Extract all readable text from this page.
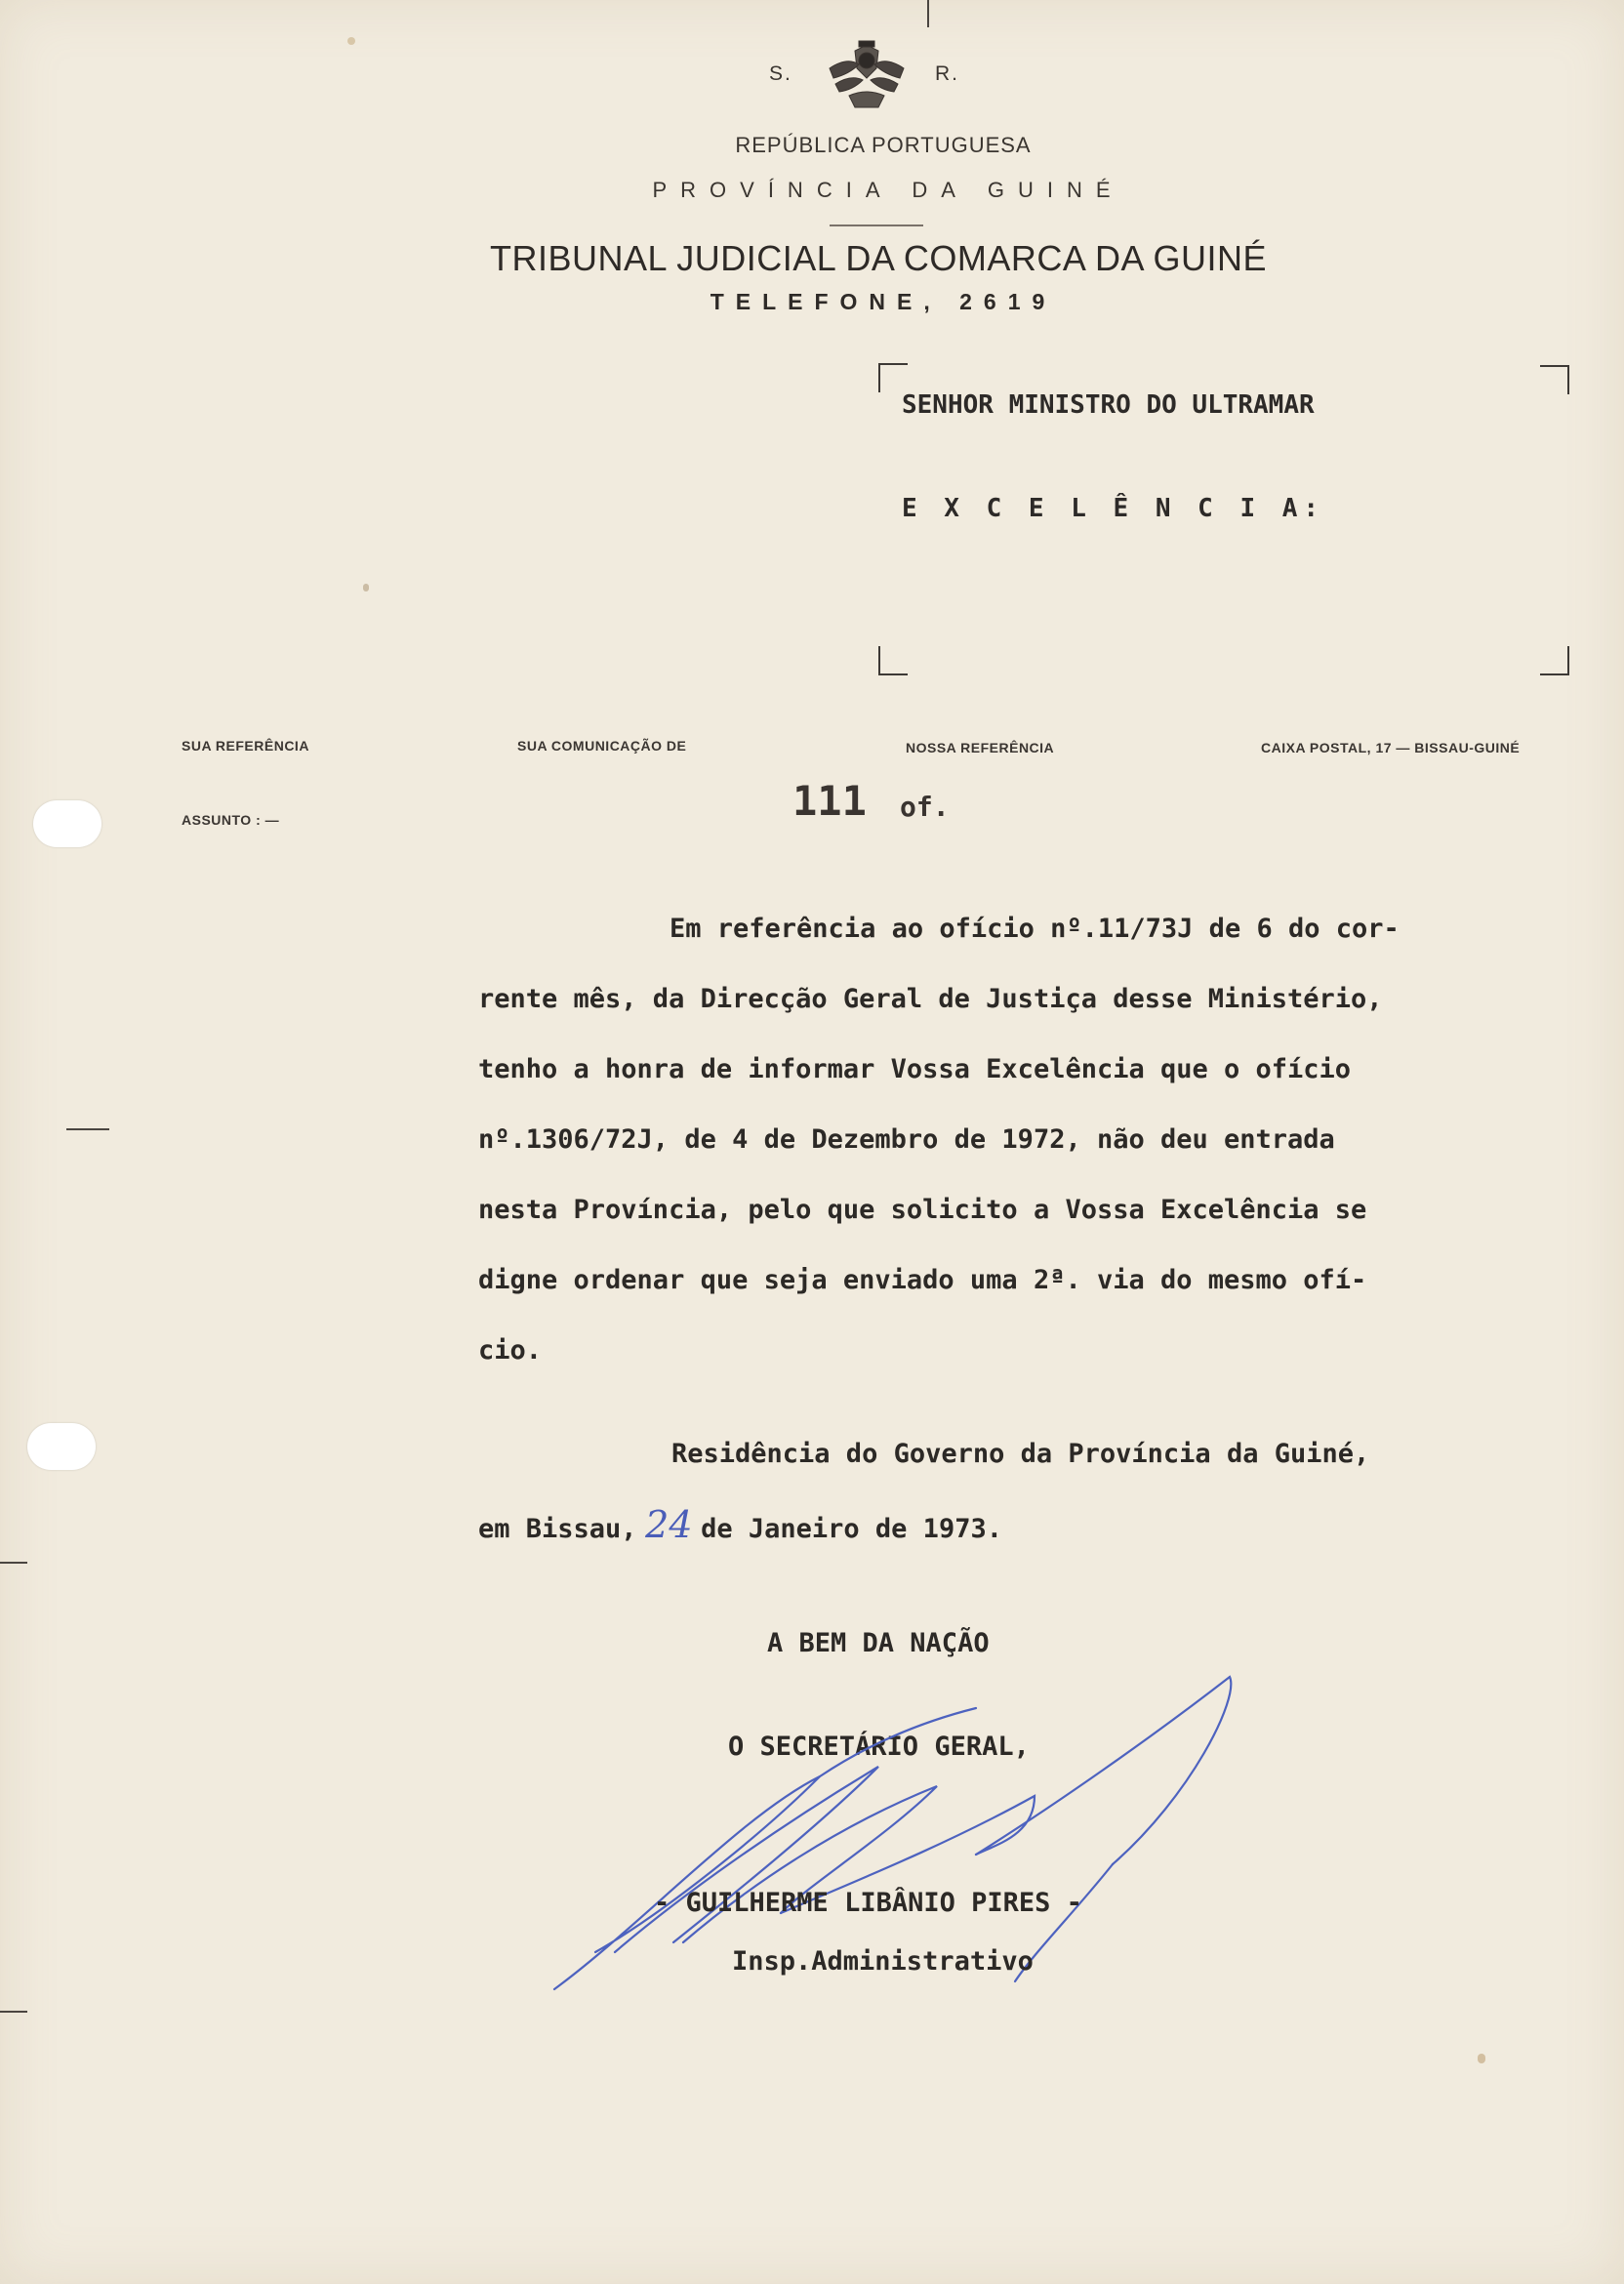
S.	R.
REPÚBLICA PORTUGUESA
PROVÍNCIA DA GUINÉ
TRIBUNAL JUDICIAL DA COMARCA DA GUINÉ
TELEFONE, 2619
SENHOR MINISTRO DO ULTRAMAR
E X C E L Ê N C I A:
SUA REFERÊNCIA	SUA COMUNICAÇÃO DE	NOSSA REFERÊNCIA	CAIXA POSTAL, 17 — BISSAU-GUINÉ
ASSUNTO : —	111 of.
Em referência ao ofício nº.11/73J de 6 do cor-
rente mês, da Direcção Geral de Justiça desse Ministério,
tenho a honra de informar Vossa Excelência que o ofício
nº.1306/72J, de 4 de Dezembro de 1972, não deu entrada
nesta Província, pelo que solicito a Vossa Excelência se
digne ordenar que seja enviado uma 2ª. via do mesmo ofí-
cio.
Residência do Governo da Província da Guiné,
em Bissau, 24 de Janeiro de 1973.
A BEM DA NAÇÃO
O SECRETÁRIO GERAL,
- GUILHERME LIBÂNIO PIRES -
Insp.Administrativo
